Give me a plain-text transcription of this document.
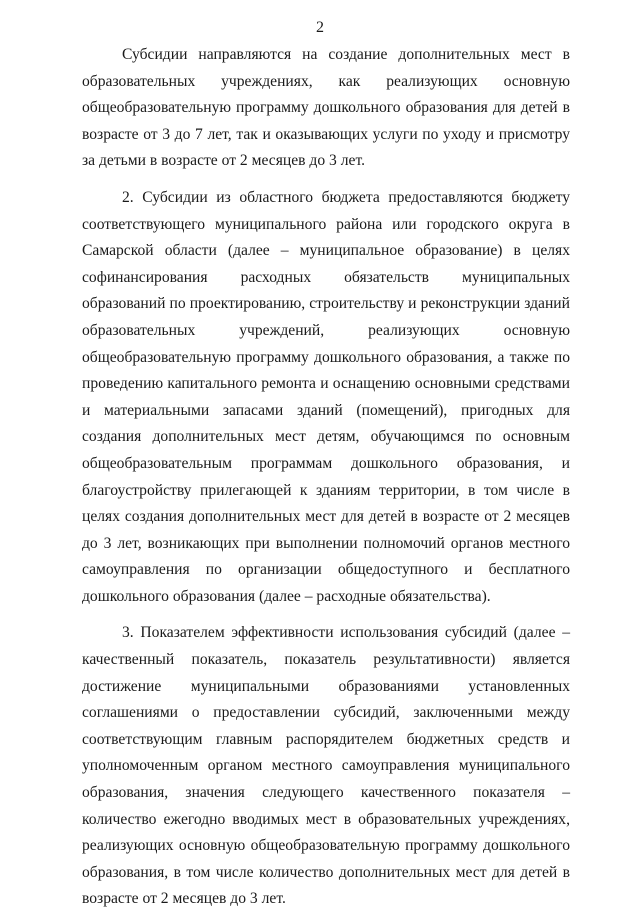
2

Субсидии направляются на создание дополнительных мест в образовательных учреждениях, как реализующих основную общеобразовательную программу дошкольного образования для детей в возрасте от 3 до 7 лет, так и оказывающих услуги по уходу и присмотру за детьми в возрасте от 2 месяцев до 3 лет.

2. Субсидии из областного бюджета предоставляются бюджету соответствующего муниципального района или городского округа в Самарской области (далее – муниципальное образование) в целях софинансирования расходных обязательств муниципальных образований по проектированию, строительству и реконструкции зданий образовательных учреждений, реализующих основную общеобразовательную программу дошкольного образования, а также по проведению капитального ремонта и оснащению основными средствами и материальными запасами зданий (помещений), пригодных для создания дополнительных мест детям, обучающимся по основным общеобразовательным программам дошкольного образования, и благоустройству прилегающей к зданиям территории, в том числе в целях создания дополнительных мест для детей в возрасте от 2 месяцев до 3 лет, возникающих при выполнении полномочий органов местного самоуправления по организации общедоступного и бесплатного дошкольного образования (далее – расходные обязательства).

3. Показателем эффективности использования субсидий (далее – качественный показатель, показатель результативности) является достижение муниципальными образованиями установленных соглашениями о предоставлении субсидий, заключенными между соответствующим главным распорядителем бюджетных средств и уполномоченным органом местного самоуправления муниципального образования, значения следующего качественного показателя – количество ежегодно вводимых мест в образовательных учреждениях, реализующих основную общеобразовательную программу дошкольного образования, в том числе количество дополнительных мест для детей в возрасте от 2 месяцев до 3 лет.
